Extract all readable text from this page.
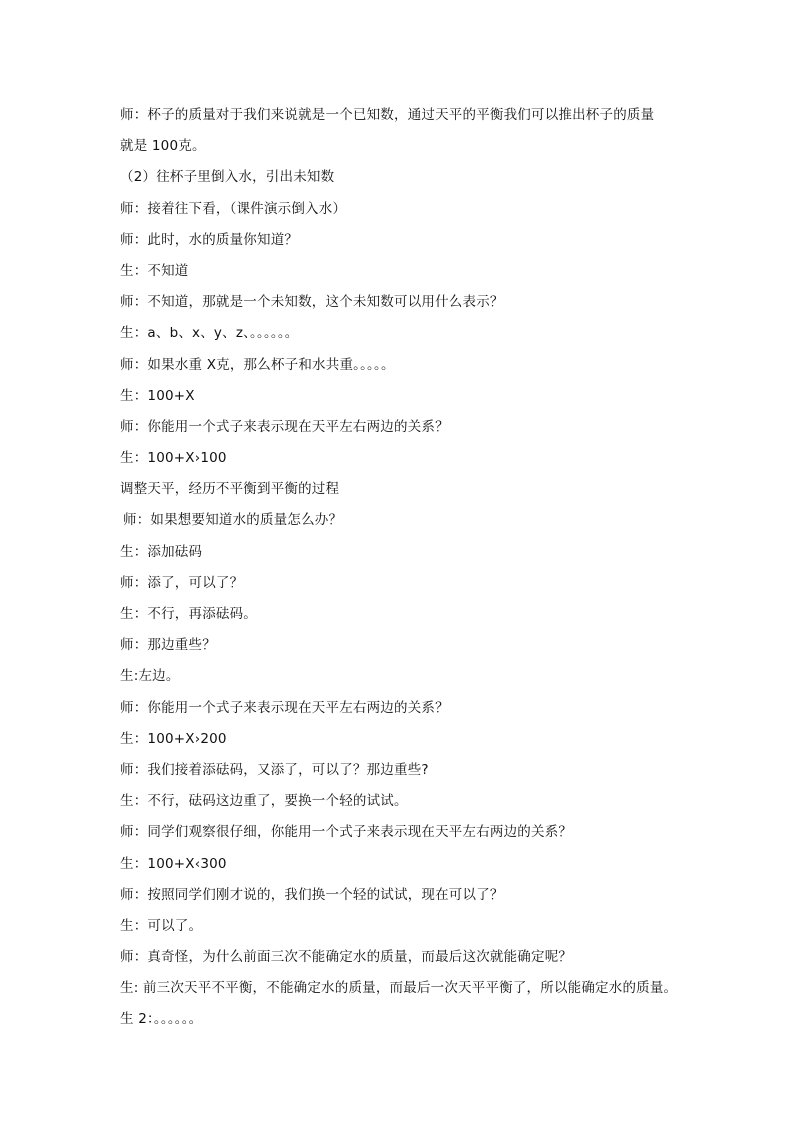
师：杯子的质量对于我们来说就是一个已知数，通过天平的平衡我们可以推出杯子的质量
就是 100克。
（2）往杯子里倒入水，引出未知数
师：接着往下看，（课件演示倒入水）
师：此时，水的质量你知道？
生：不知道
师：不知道，那就是一个未知数，这个未知数可以用什么表示？
生：a、b、x、y、z、。。。。。。
师：如果水重 X克，那么杯子和水共重。。。。。
生：100+X
师：你能用一个式子来表示现在天平左右两边的关系？
生：100+X›100
调整天平，经历不平衡到平衡的过程
师：如果想要知道水的质量怎么办？
生：添加砝码
师：添了，可以了？
生：不行，再添砝码。
师：那边重些？
生:左边。
师：你能用一个式子来表示现在天平左右两边的关系？
生：100+X›200
师：我们接着添砝码，又添了，可以了？那边重些?
生：不行，砝码这边重了，要换一个轻的试试。
师：同学们观察很仔细，你能用一个式子来表示现在天平左右两边的关系？
生：100+X‹300
师：按照同学们刚才说的，我们换一个轻的试试，现在可以了？
生：可以了。
师：真奇怪，为什么前面三次不能确定水的质量，而最后这次就能确定呢？
生: 前三次天平不平衡，不能确定水的质量，而最后一次天平平衡了，所以能确定水的质量。
生 2：。。。。。。
